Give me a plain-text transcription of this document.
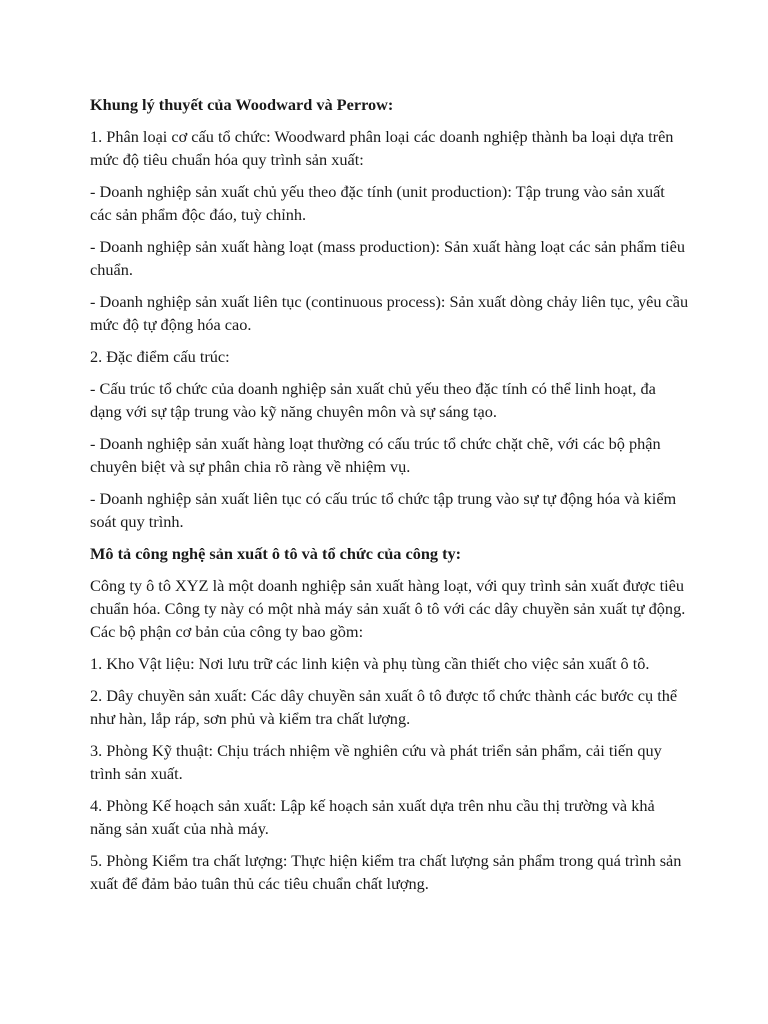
Khung lý thuyết của Woodward và Perrow:

1. Phân loại cơ cấu tổ chức: Woodward phân loại các doanh nghiệp thành ba loại dựa trên mức độ tiêu chuẩn hóa quy trình sản xuất:

- Doanh nghiệp sản xuất chủ yếu theo đặc tính (unit production): Tập trung vào sản xuất các sản phẩm độc đáo, tuỳ chỉnh.

- Doanh nghiệp sản xuất hàng loạt (mass production): Sản xuất hàng loạt các sản phẩm tiêu chuẩn.

- Doanh nghiệp sản xuất liên tục (continuous process): Sản xuất dòng chảy liên tục, yêu cầu mức độ tự động hóa cao.

2. Đặc điểm cấu trúc:

- Cấu trúc tổ chức của doanh nghiệp sản xuất chủ yếu theo đặc tính có thể linh hoạt, đa dạng với sự tập trung vào kỹ năng chuyên môn và sự sáng tạo.

- Doanh nghiệp sản xuất hàng loạt thường có cấu trúc tổ chức chặt chẽ, với các bộ phận chuyên biệt và sự phân chia rõ ràng về nhiệm vụ.

- Doanh nghiệp sản xuất liên tục có cấu trúc tổ chức tập trung vào sự tự động hóa và kiểm soát quy trình.

Mô tả công nghệ sản xuất ô tô và tổ chức của công ty:

Công ty ô tô XYZ là một doanh nghiệp sản xuất hàng loạt, với quy trình sản xuất được tiêu chuẩn hóa. Công ty này có một nhà máy sản xuất ô tô với các dây chuyền sản xuất tự động. Các bộ phận cơ bản của công ty bao gồm:

1. Kho Vật liệu: Nơi lưu trữ các linh kiện và phụ tùng cần thiết cho việc sản xuất ô tô.

2. Dây chuyền sản xuất: Các dây chuyền sản xuất ô tô được tổ chức thành các bước cụ thể như hàn, lắp ráp, sơn phủ và kiểm tra chất lượng.

3. Phòng Kỹ thuật: Chịu trách nhiệm về nghiên cứu và phát triển sản phẩm, cải tiến quy trình sản xuất.

4. Phòng Kế hoạch sản xuất: Lập kế hoạch sản xuất dựa trên nhu cầu thị trường và khả năng sản xuất của nhà máy.

5. Phòng Kiểm tra chất lượng: Thực hiện kiểm tra chất lượng sản phẩm trong quá trình sản xuất để đảm bảo tuân thủ các tiêu chuẩn chất lượng.
